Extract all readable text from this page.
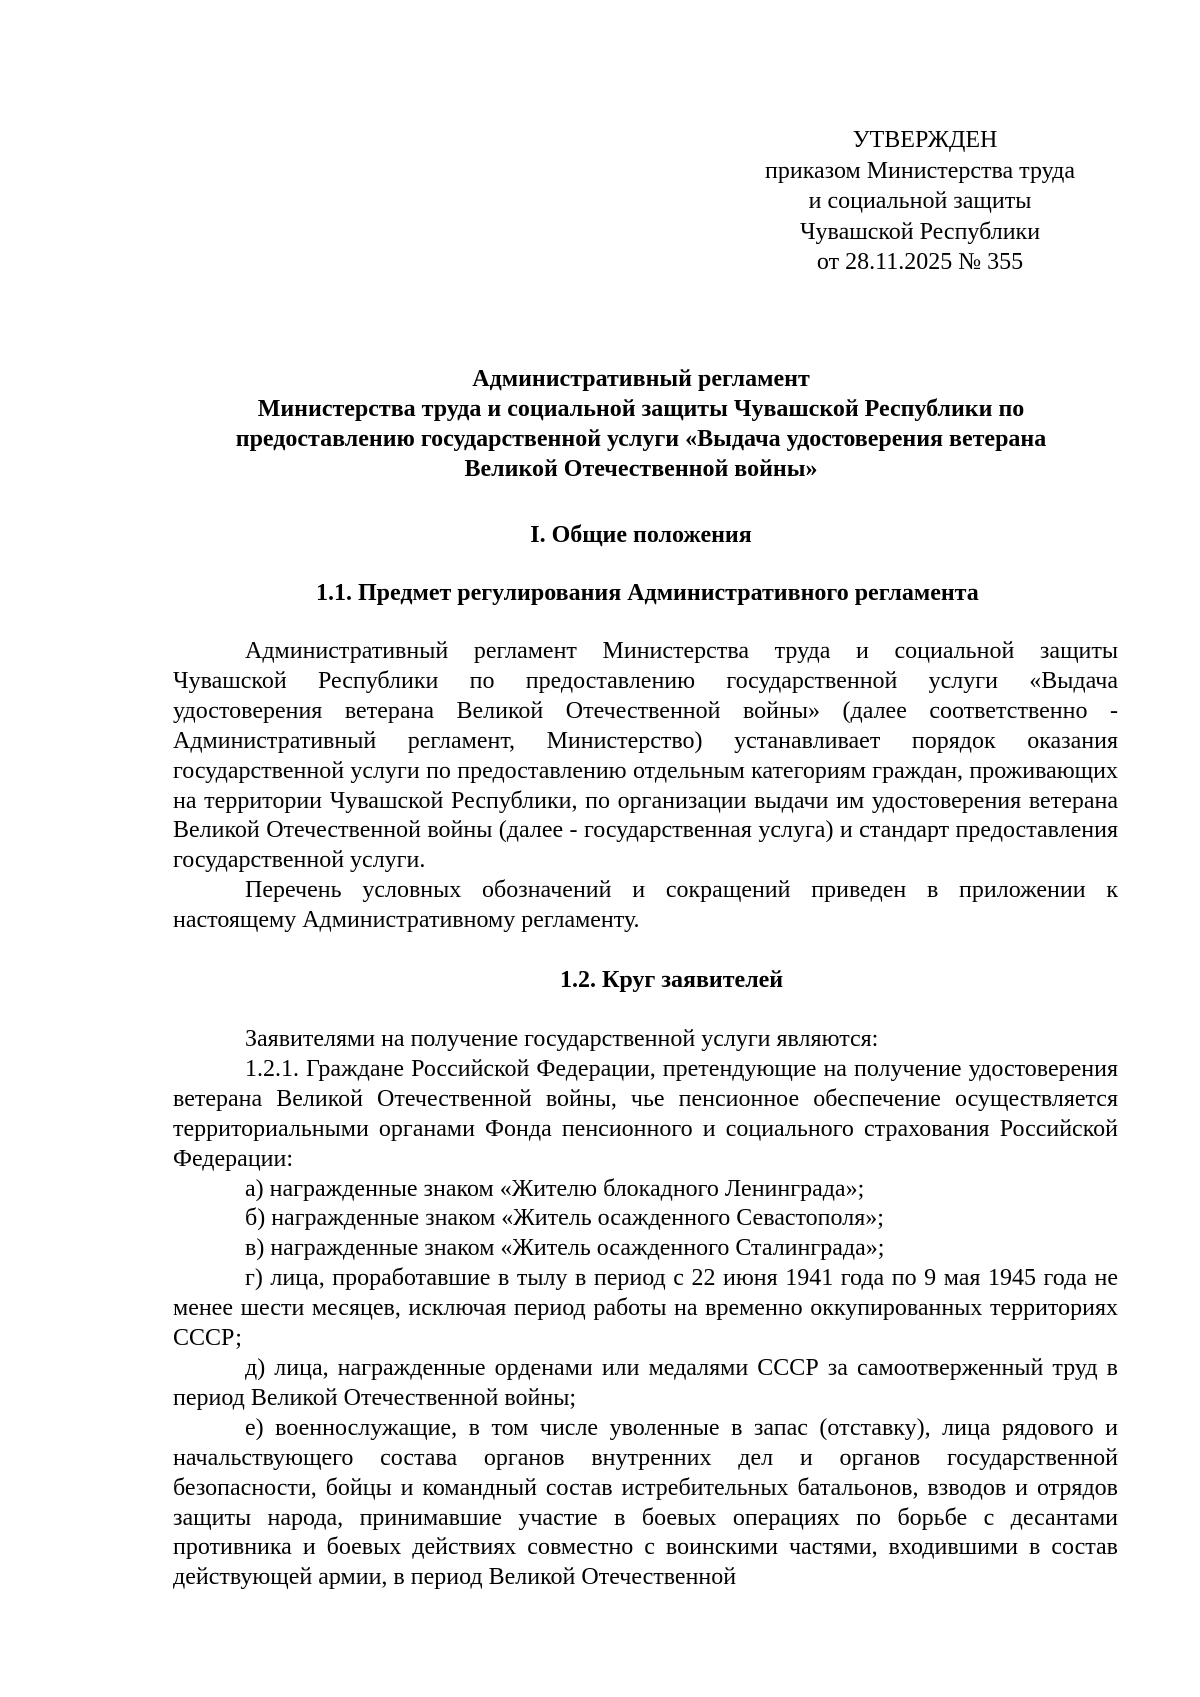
УТВЕРЖДЕН
приказом Министерства труда
и социальной защиты
Чувашской Республики
от 28.11.2025 № 355
Административный регламент
Министерства труда и социальной защиты Чувашской Республики по
предоставлению государственной услуги «Выдача удостоверения ветерана
Великой Отечественной войны»
I. Общие положения
1.1. Предмет регулирования Административного регламента

Административный регламент Министерства труда и социальной защиты Чувашской Республики по предоставлению государственной услуги «Выдача удостоверения ветерана Великой Отечественной войны» (далее соответственно - Административный регламент, Министерство) устанавливает порядок оказания государственной услуги по предоставлению отдельным категориям граждан, проживающих на территории Чувашской Республики, по организации выдачи им удостоверения ветерана Великой Отечественной войны (далее - государственная услуга) и стандарт предоставления государственной услуги.

Перечень условных обозначений и сокращений приведен в приложении к настоящему Административному регламенту.

1.2. Круг заявителей

Заявителями на получение государственной услуги являются:

1.2.1. Граждане Российской Федерации, претендующие на получение удостоверения ветерана Великой Отечественной войны, чье пенсионное обеспечение осуществляется территориальными органами Фонда пенсионного и социального страхования Российской Федерации:

а) награжденные знаком «Жителю блокадного Ленинграда»;

б) награжденные знаком «Житель осажденного Севастополя»;

в) награжденные знаком «Житель осажденного Сталинграда»;

г) лица, проработавшие в тылу в период с 22 июня 1941 года по 9 мая 1945 года не менее шести месяцев, исключая период работы на временно оккупированных территориях СССР;

д) лица, награжденные орденами или медалями СССР за самоотверженный труд в период Великой Отечественной войны;

е) военнослужащие, в том числе уволенные в запас (отставку), лица рядового и начальствующего состава органов внутренних дел и органов государственной безопасности, бойцы и командный состав истребительных батальонов, взводов и отрядов защиты народа, принимавшие участие в боевых операциях по борьбе с десантами противника и боевых действиях совместно с воинскими частями, входившими в состав действующей армии, в период Великой Отечественной
